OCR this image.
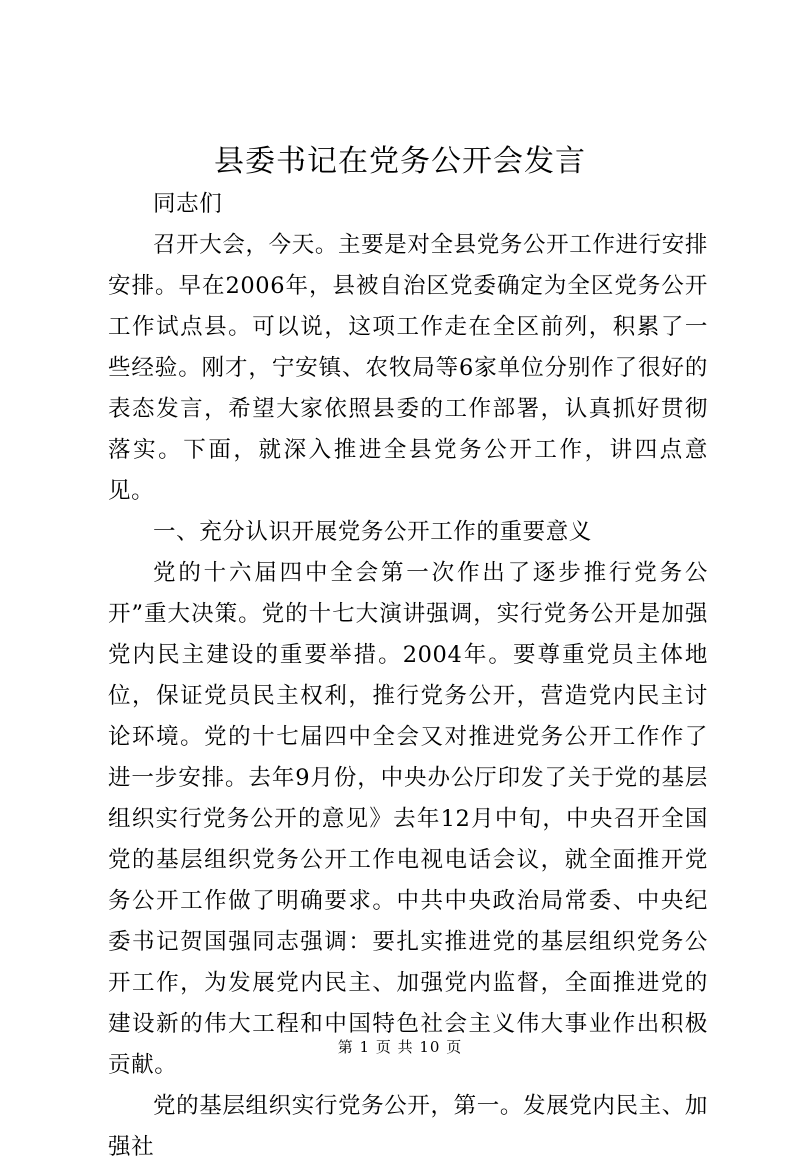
县委书记在党务公开会发言

同志们

召开大会，今天。主要是对全县党务公开工作进行安排安排。早在2006年，县被自治区党委确定为全区党务公开工作试点县。可以说，这项工作走在全区前列，积累了一些经验。刚才，宁安镇、农牧局等6家单位分别作了很好的表态发言，希望大家依照县委的工作部署，认真抓好贯彻落实。下面，就深入推进全县党务公开工作，讲四点意见。

一、充分认识开展党务公开工作的重要意义

党的十六届四中全会第一次作出了逐步推行党务公开”重大决策。党的十七大演讲强调，实行党务公开是加强党内民主建设的重要举措。2004年。要尊重党员主体地位，保证党员民主权利，推行党务公开，营造党内民主讨论环境。党的十七届四中全会又对推进党务公开工作作了进一步安排。去年9月份，中央办公厅印发了关于党的基层组织实行党务公开的意见》去年12月中旬，中央召开全国党的基层组织党务公开工作电视电话会议，就全面推开党务公开工作做了明确要求。中共中央政治局常委、中央纪委书记贺国强同志强调：要扎实推进党的基层组织党务公开工作，为发展党内民主、加强党内监督，全面推进党的建设新的伟大工程和中国特色社会主义伟大事业作出积极贡献。

党的基层组织实行党务公开，第一。发展党内民主、加强社

第 1 页 共 10 页
